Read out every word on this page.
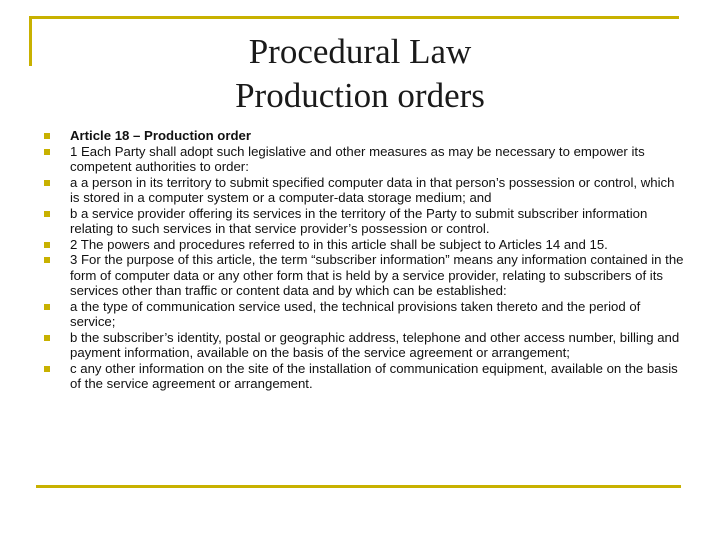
Procedural Law
Production orders
Article 18 – Production order
1 Each Party shall adopt such legislative and other measures as may be necessary to empower its competent authorities to order:
a a person in its territory to submit specified computer data in that person’s possession or control, which is stored in a computer system or a computer-data storage medium; and
b a service provider offering its services in the territory of the Party to submit subscriber information relating to such services in that service provider’s possession or control.
2 The powers and procedures referred to in this article shall be subject to Articles 14 and 15.
3 For the purpose of this article, the term “subscriber information” means any information contained in the form of computer data or any other form that is held by a service provider, relating to subscribers of its services other than traffic or content data and by which can be established:
a the type of communication service used, the technical provisions taken thereto and the period of service;
b the subscriber’s identity, postal or geographic address, telephone and other access number, billing and payment information, available on the basis of the service agreement or arrangement;
c any other information on the site of the installation of communication equipment, available on the basis of the service agreement or arrangement.
